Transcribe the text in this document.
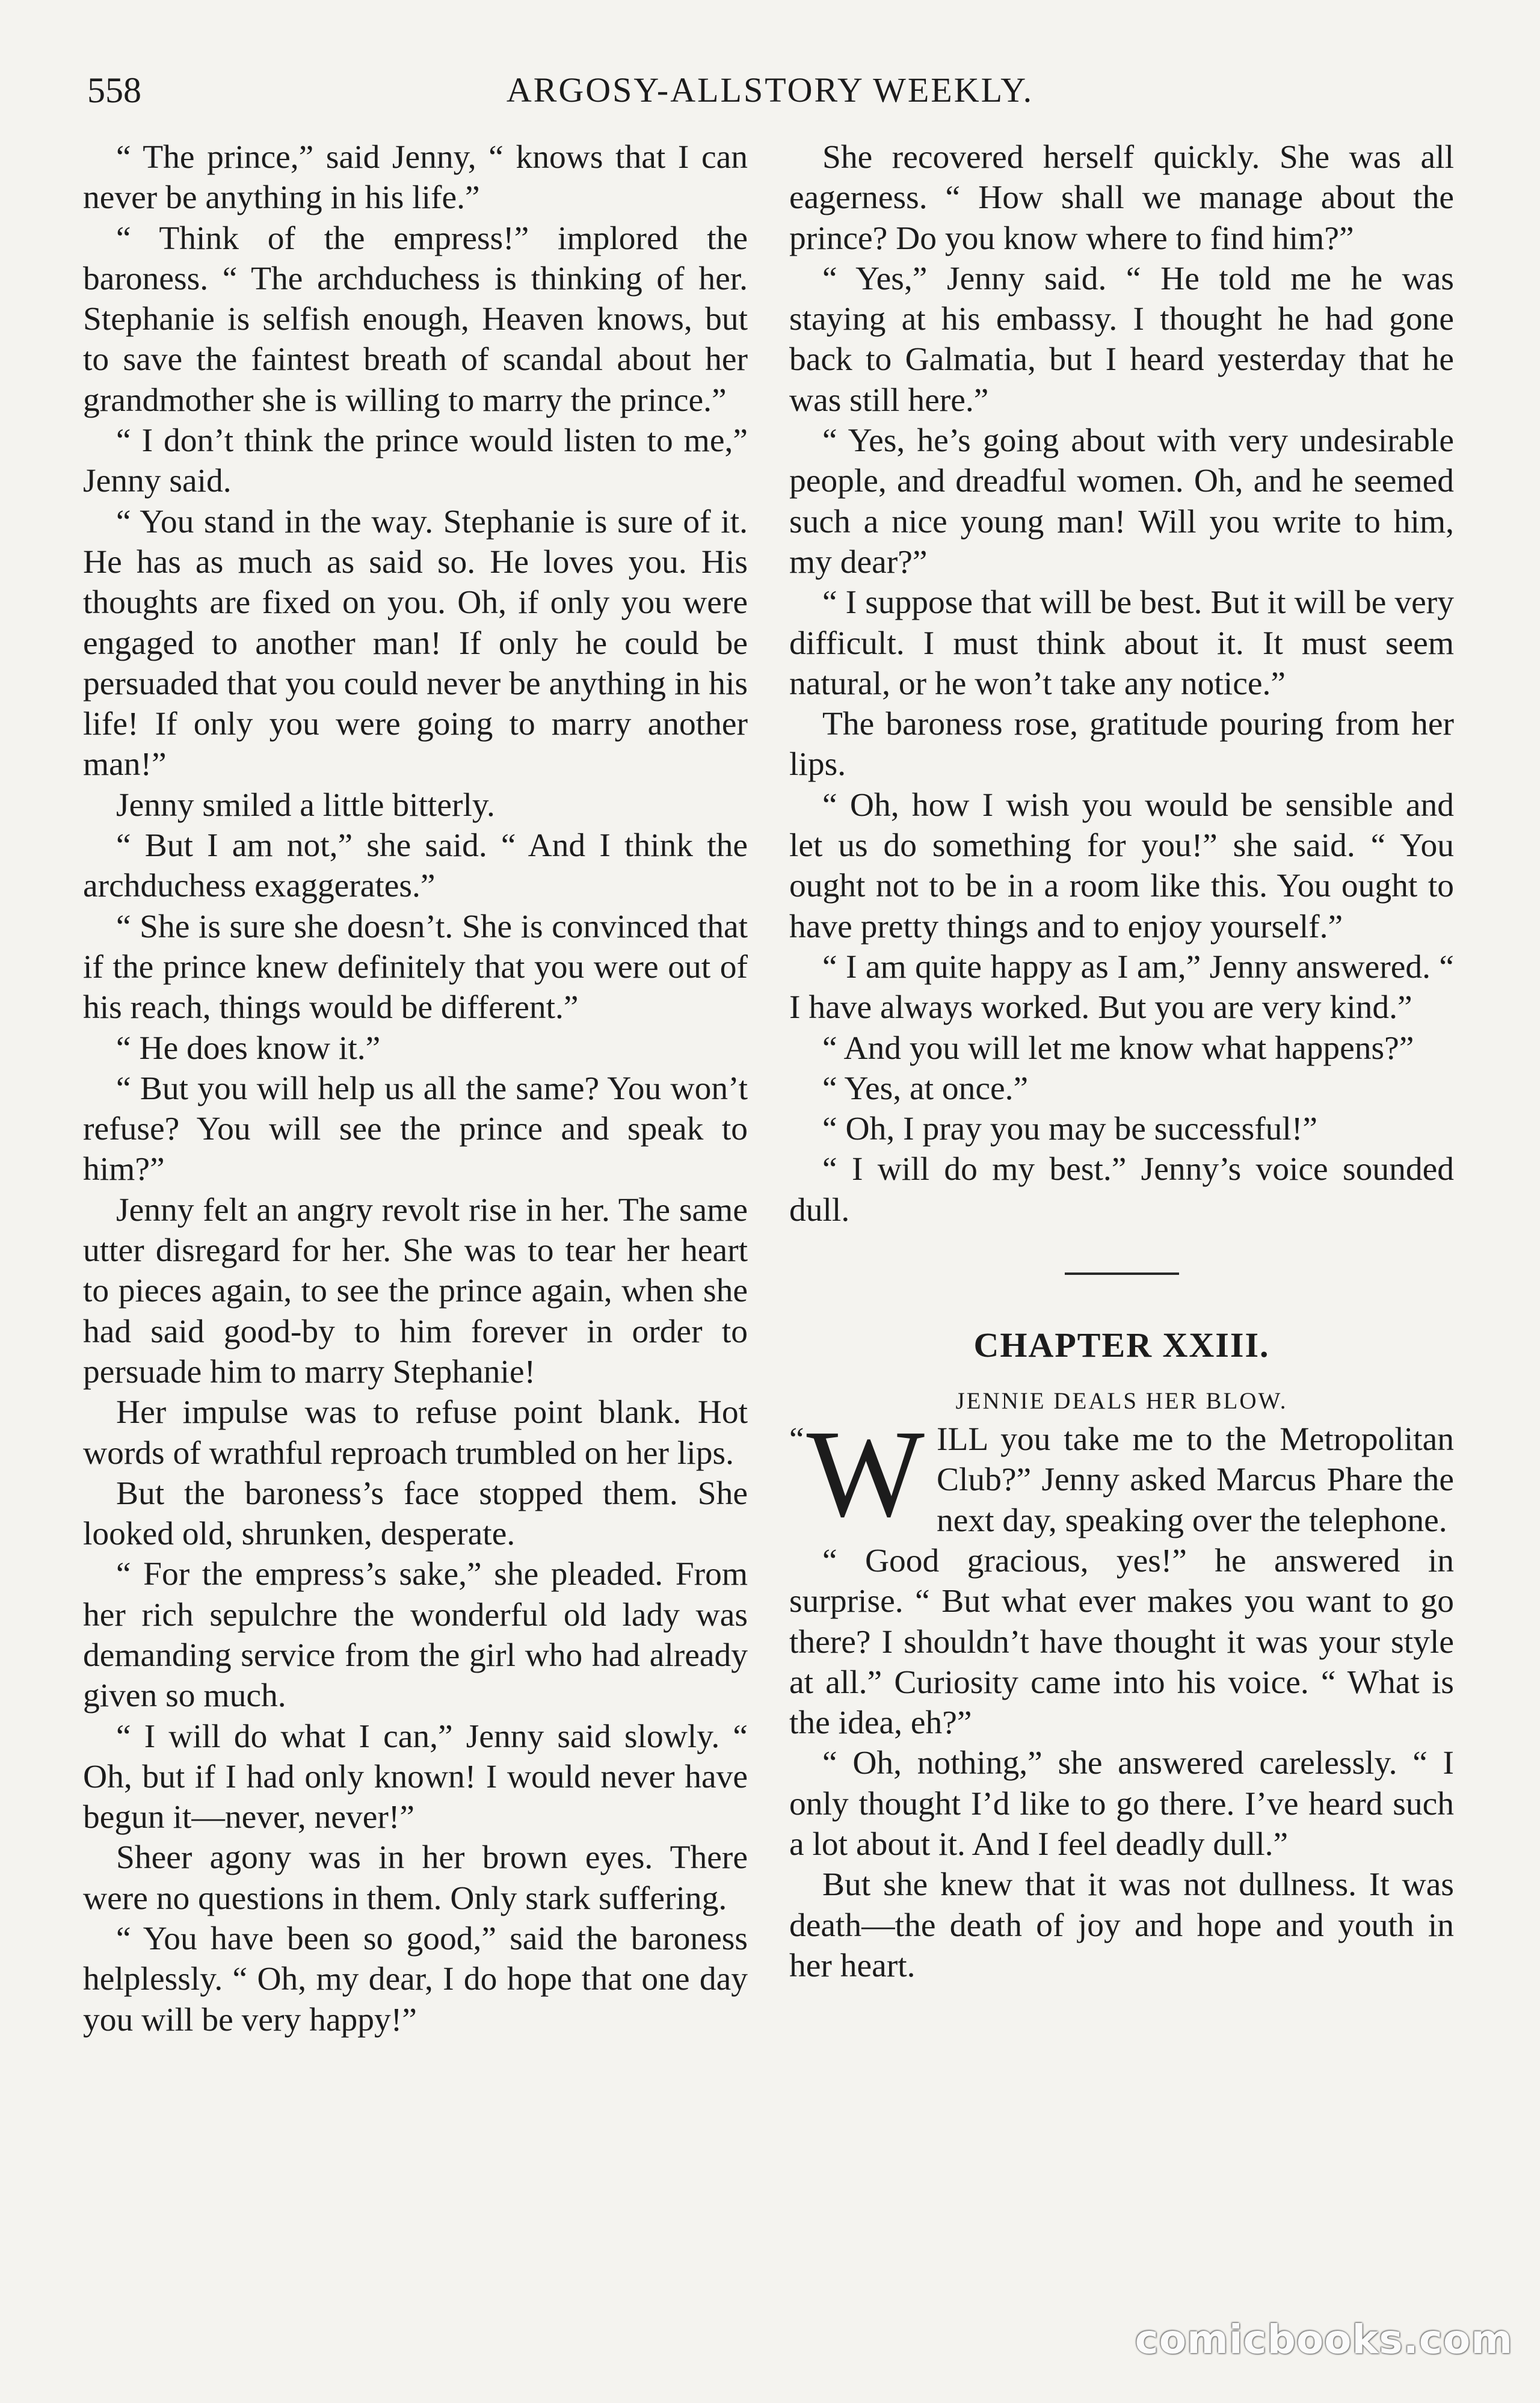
558	ARGOSY-ALLSTORY WEEKLY.

“ The prince,” said Jenny, “ knows that I can never be anything in his life.”

“ Think of the empress!” implored the baroness. “ The archduchess is thinking of her. Stephanie is selfish enough, Heaven knows, but to save the faintest breath of scandal about her grandmother she is willing to marry the prince.”

“ I don’t think the prince would listen to me,” Jenny said.

“ You stand in the way. Stephanie is sure of it. He has as much as said so. He loves you. His thoughts are fixed on you. Oh, if only you were engaged to another man! If only he could be persuaded that you could never be anything in his life! If only you were going to marry another man!”

Jenny smiled a little bitterly.

“ But I am not,” she said. “ And I think the archduchess exaggerates.”

“ She is sure she doesn’t. She is convinced that if the prince knew definitely that you were out of his reach, things would be different.”

“ He does know it.”

“ But you will help us all the same? You won’t refuse? You will see the prince and speak to him?”

Jenny felt an angry revolt rise in her. The same utter disregard for her. She was to tear her heart to pieces again, to see the prince again, when she had said good-by to him forever in order to persuade him to marry Stephanie!

Her impulse was to refuse point blank. Hot words of wrathful reproach trumbled on her lips.

But the baroness’s face stopped them. She looked old, shrunken, desperate.

“ For the empress’s sake,” she pleaded. From her rich sepulchre the wonderful old lady was demanding service from the girl who had already given so much.

“ I will do what I can,” Jenny said slowly. “ Oh, but if I had only known! I would never have begun it—never, never!”

Sheer agony was in her brown eyes. There were no questions in them. Only stark suffering.

“ You have been so good,” said the baroness helplessly. “ Oh, my dear, I do hope that one day you will be very happy!”

She recovered herself quickly. She was all eagerness. “ How shall we manage about the prince? Do you know where to find him?”

“ Yes,” Jenny said. “ He told me he was staying at his embassy. I thought he had gone back to Galmatia, but I heard yesterday that he was still here.”

“ Yes, he’s going about with very undesirable people, and dreadful women. Oh, and he seemed such a nice young man! Will you write to him, my dear?”

“ I suppose that will be best. But it will be very difficult. I must think about it. It must seem natural, or he won’t take any notice.”

The baroness rose, gratitude pouring from her lips.

“ Oh, how I wish you would be sensible and let us do something for you!” she said. “ You ought not to be in a room like this. You ought to have pretty things and to enjoy yourself.”

“ I am quite happy as I am,” Jenny answered. “ I have always worked. But you are very kind.”

“ And you will let me know what happens?”

“ Yes, at once.”

“ Oh, I pray you may be successful!”

“ I will do my best.” Jenny’s voice sounded dull.

CHAPTER XXIII.
JENNIE DEALS HER BLOW.

“ W ILL you take me to the Metropolitan Club?” Jenny asked Marcus Phare the next day, speaking over the telephone.

“ Good gracious, yes!” he answered in surprise. “ But what ever makes you want to go there? I shouldn’t have thought it was your style at all.” Curiosity came into his voice. “ What is the idea, eh?”

“ Oh, nothing,” she answered carelessly. “ I only thought I’d like to go there. I’ve heard such a lot about it. And I feel deadly dull.”

But she knew that it was not dullness. It was death—the death of joy and hope and youth in her heart.

comicbooks.com
